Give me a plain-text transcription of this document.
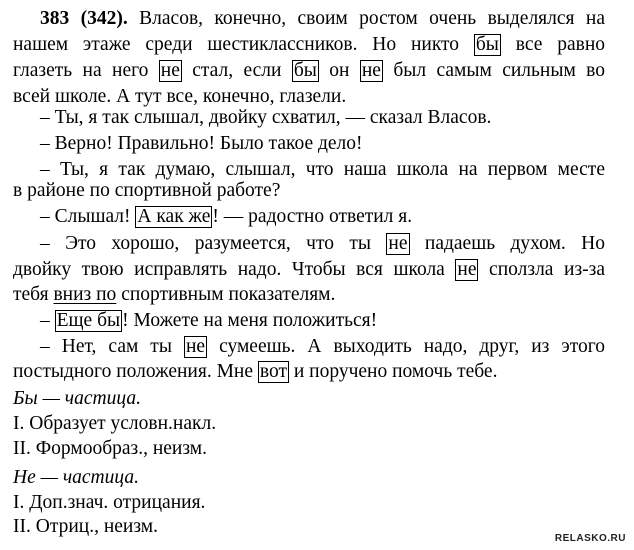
383 (342). Власов, конечно, своим ростом очень выделялся на
нашем этаже среди шестиклассников. Но никто бы все равно
глазеть на него не стал, если бы он не был самым сильным во
всей школе. А тут все, конечно, глазели.
– Ты, я так слышал, двойку схватил, — сказал Власов.
– Верно! Правильно! Было такое дело!
– Ты, я так думаю, слышал, что наша школа на первом месте
в районе по спортивной работе?
– Слышал! А как же ! — радостно ответил я.
– Это хорошо, разумеется, что ты не падаешь духом. Но
двойку твою исправлять надо. Чтобы вся школа не сползла из-за
тебя вниз по спортивным показателям.
– Еще бы ! Можете на меня положиться!
– Нет, сам ты не сумеешь. А выходить надо, друг, из этого
постыдного положения. Мне вот и поручено помочь тебе.
Бы — частица.
I. Образует условн.накл.
II. Формообраз., неизм.
Не — частица.
I. Доп.знач. отрицания.
II. Отриц., неизм.
RELASKO.RU
